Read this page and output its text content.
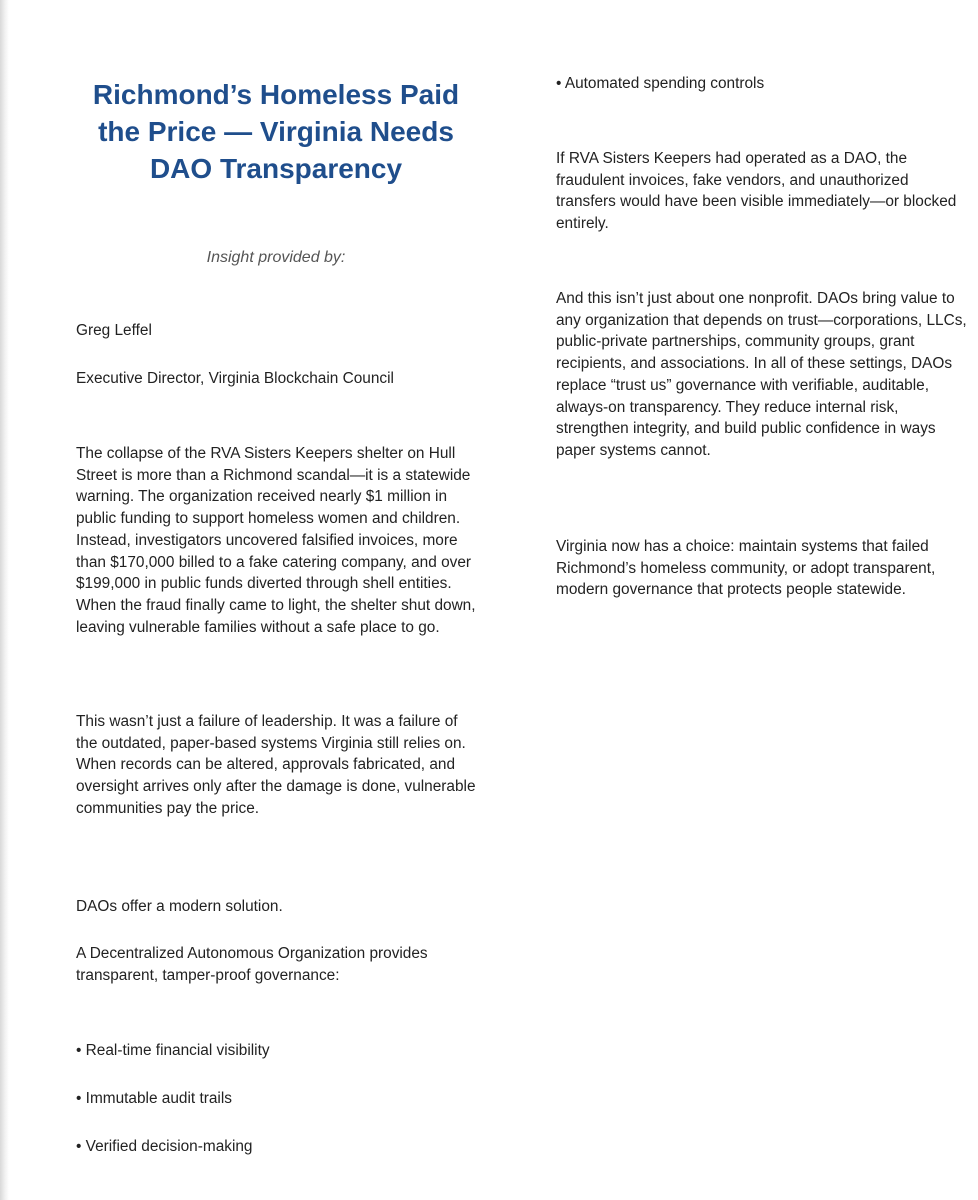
Richmond’s Homeless Paid the Price — Virginia Needs DAO Transparency
Insight provided by:

Greg Leffel

Executive Director, Virginia Blockchain Council

The collapse of the RVA Sisters Keepers shelter on Hull Street is more than a Richmond scandal—it is a statewide warning. The organization received nearly $1 million in public funding to support homeless women and children. Instead, investigators uncovered falsified invoices, more than $170,000 billed to a fake catering company, and over $199,000 in public funds diverted through shell entities. When the fraud finally came to light, the shelter shut down, leaving vulnerable families without a safe place to go.

This wasn’t just a failure of leadership. It was a failure of the outdated, paper-based systems Virginia still relies on. When records can be altered, approvals fabricated, and oversight arrives only after the damage is done, vulnerable communities pay the price.

DAOs offer a modern solution.

A Decentralized Autonomous Organization provides transparent, tamper-proof governance:

• Real-time financial visibility

• Immutable audit trails

• Verified decision-making

• Automated spending controls

If RVA Sisters Keepers had operated as a DAO, the fraudulent invoices, fake vendors, and unauthorized transfers would have been visible immediately—or blocked entirely.

And this isn’t just about one nonprofit. DAOs bring value to any organization that depends on trust—corporations, LLCs, public-private partnerships, community groups, grant recipients, and associations. In all of these settings, DAOs replace “trust us” governance with verifiable, auditable, always-on transparency. They reduce internal risk, strengthen integrity, and build public confidence in ways paper systems cannot.

Virginia now has a choice: maintain systems that failed Richmond’s homeless community, or adopt transparent, modern governance that protects people statewide.
